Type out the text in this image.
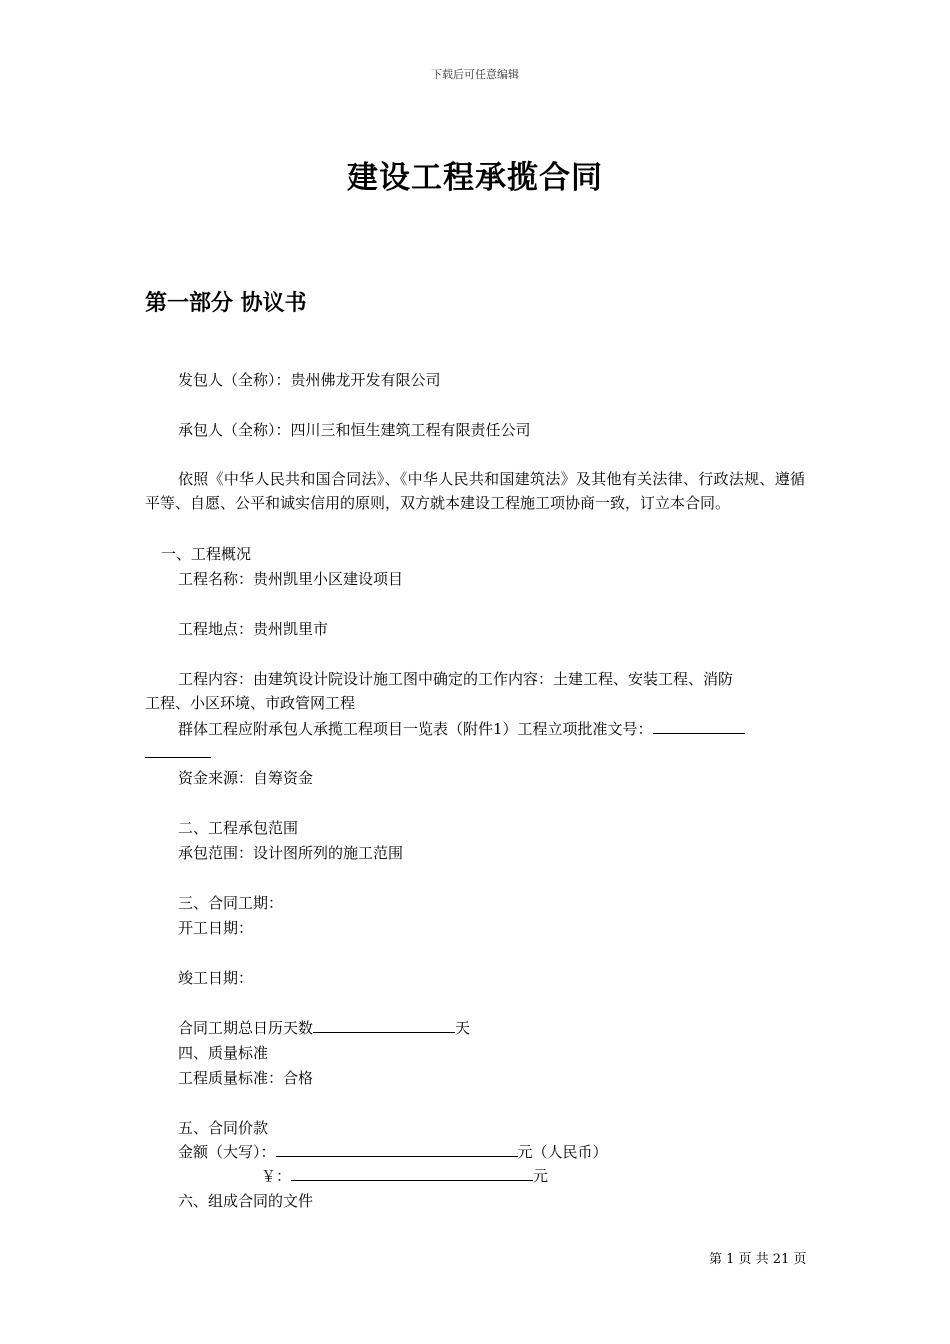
下载后可任意编辑
建设工程承揽合同
第一部分 协议书
发包人（全称）：贵州佛龙开发有限公司
承包人（全称）：四川三和恒生建筑工程有限责任公司
依照《中华人民共和国合同法》、《中华人民共和国建筑法》及其他有关法律、行政法规、遵循平等、自愿、公平和诚实信用的原则，双方就本建设工程施工项协商一致，订立本合同。
一、工程概况
工程名称：贵州凯里小区建设项目
工程地点：贵州凯里市
工程内容：由建筑设计院设计施工图中确定的工作内容：土建工程、安装工程、消防
工程、小区环境、市政管网工程
群体工程应附承包人承揽工程项目一览表（附件1）工程立项批准文号：
资金来源：自筹资金
二、工程承包范围
承包范围：设计图所列的施工范围
三、合同工期：
开工日期：
竣工日期：
合同工期总日历天数	天
四、质量标准
工程质量标准：合格
五、合同价款
金额（大写）：	元（人民币）
￥：	元
六、组成合同的文件
第 1 页 共 21 页
